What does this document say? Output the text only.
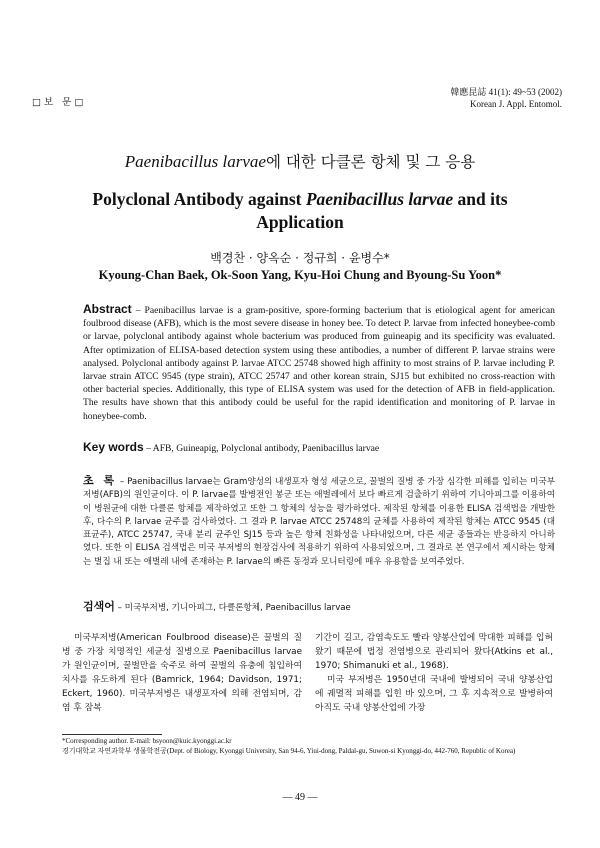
□보 문□
韓應昆誌 41(1): 49~53 (2002)
Korean J. Appl. Entomol.
Paenibacillus larvae에 대한 다클론 항체 및 그 응용
Polyclonal Antibody against Paenibacillus larvae and its Application
백경찬 · 양옥순 · 정규희 · 윤병수*
Kyoung-Chan Baek, Ok-Soon Yang, Kyu-Hoi Chung and Byoung-Su Yoon*
Abstract – Paenibacillus larvae is a gram-positive, spore-forming bacterium that is etiological agent for american foulbrood disease (AFB), which is the most severe disease in honey bee. To detect P. larvae from infected honeybee-comb or larvae, polyclonal antibody against whole bacterium was produced from guineapig and its specificity was evaluated. After optimization of ELISA-based detection system using these antibodies, a number of different P. larvae strains were analysed. Polyclonal antibody against P. larvae ATCC 25748 showed high affinity to most strains of P. larvae including P. larvae strain ATCC 9545 (type strain), ATCC 25747 and other korean strain, SJ15 but exhibited no cross-reaction with other bacterial species. Additionally, this type of ELISA system was used for the detection of AFB in field-application. The results have shown that this antibody could be useful for the rapid identification and monitoring of P. larvae in honeybee-comb.
Key words – AFB, Guineapig, Polyclonal antibody, Paenibacillus larvae
초 록 – Paenibacillus larvae는 Gram양성의 내생포자 형성 세균으로, 꿀벌의 질병 중 가장 심각한 피해를 입히는 미국부저병(AFB)의 원인균이다. 이 P. larvae를 발병전인 봉군 또는 애벌레에서 보다 빠르게 검출하기 위하여 기니아피그를 이용하여 이 병원균에 대한 다클론 항체를 제작하였고 또한 그 항체의 성능을 평가하였다. 제작된 항체를 이용한 ELISA 검색법을 개발한 후, 다수의 P. larvae 균주를 검사하였다. 그 결과 P. larvae ATCC 25748의 균체를 사용하여 제작된 항체는 ATCC 9545 (대표균주), ATCC 25747, 국내 분리 균주인 SJ15 등과 높은 항체 친화성을 나타내었으며, 다른 세균 종들과는 반응하지 아니하였다. 또한 이 ELISA 검색법은 미국 부저병의 현장검사에 적용하기 위하여 사용되었으며, 그 결과로 본 연구에서 제시하는 항체는 벌집 내 또는 애벌레 내에 존재하는 P. larvae의 빠른 동정과 모니터링에 매우 유용함을 보여주었다.
검색어 – 미국부저병, 기니아피그, 다클론항체, Paenibacillus larvae

미국부저병(American Foulbrood disease)은 꿀벌의 질병 중 가장 치명적인 세균성 질병으로 Paenibacillus larvae가 원인균이며, 꿀벌만을 숙주로 하여 꿀벌의 유충에 침입하여 치사를 유도하게 된다 (Bamrick, 1964; Davidson, 1971; Eckert, 1960). 미국부저병은 내생포자에 의해 전염되며, 감염 후 잠복

기간이 길고, 감염속도도 빨라 양봉산업에 막대한 피해를 입혀 왔기 때문에 법정 전염병으로 관리되어 왔다(Atkins et al., 1970; Shimanuki et al., 1968).

미국 부저병은 1950년대 국내에 발병되어 국내 양봉산업에 궤멸적 피해를 입힌 바 있으며, 그 후 지속적으로 발병하여 아직도 국내 양봉산업에 가장

*Corresponding author. E-mail: bsyoon@kuic.kyonggi.ac.kr
경기대학교 자연과학부 생물학전공(Dept. of Biology, Kyonggi University, San 94-6, Yiui-dong, Paldal-gu, Suwon-si Kyonggi-do, 442-760, Republic of Korea)
— 49 —
